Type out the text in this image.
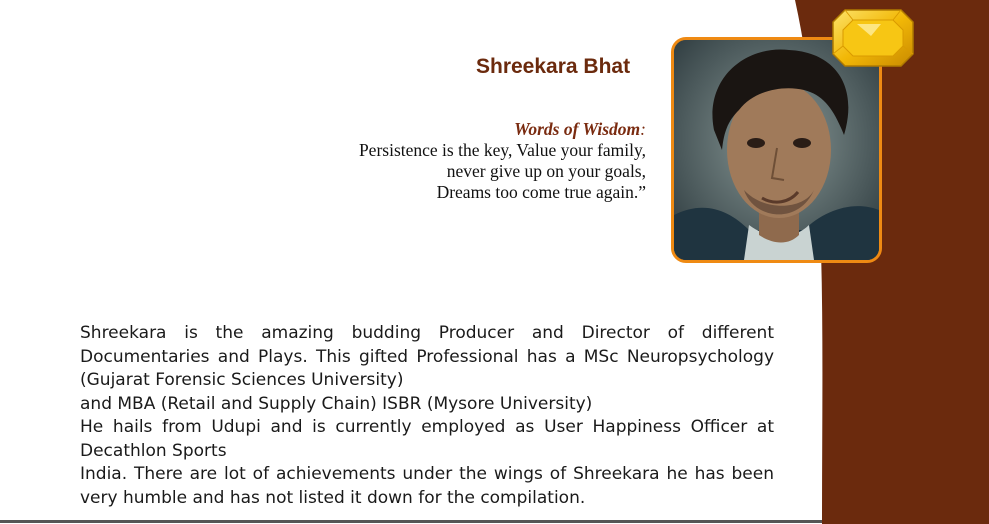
Shreekara Bhat
Words of Wisdom:
Persistence is the key, Value your family,
never give up on your goals,
Dreams too come true again.”

Shreekara is the amazing budding Producer and Director of different Documentaries and Plays. This gifted Professional has a MSc Neuropsychology (Gujarat Forensic Sciences University)

and MBA (Retail and Supply Chain) ISBR (Mysore University)

He hails from Udupi and is currently employed as User Happiness Officer at Decathlon Sports

India. There are lot of achievements under the wings of Shreekara he has been very humble and has not listed it down for the compilation.
